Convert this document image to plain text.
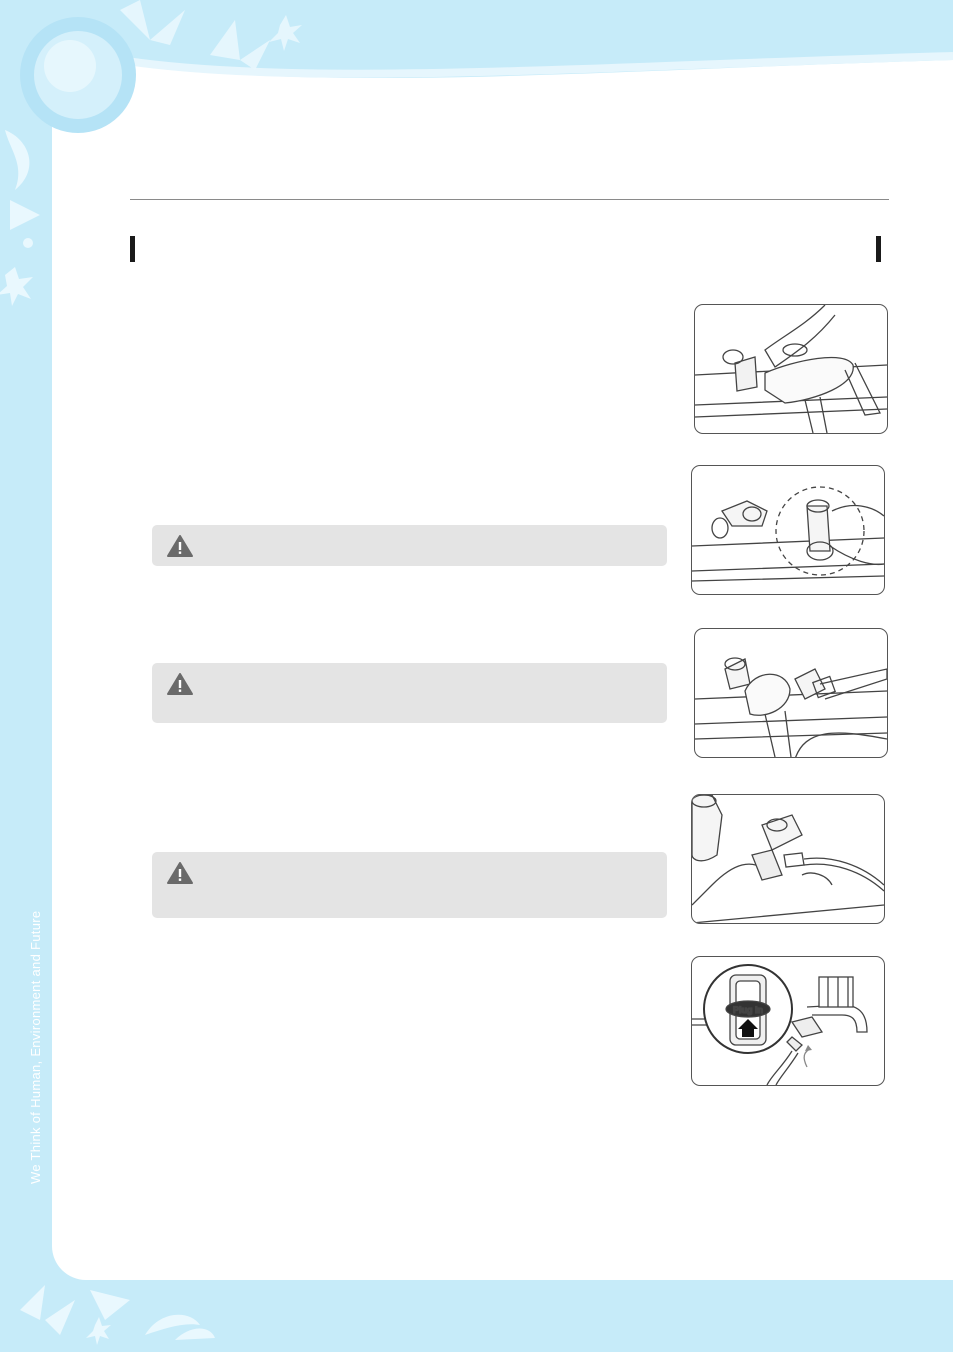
We Think of Human, Environment and Future	Plug in
